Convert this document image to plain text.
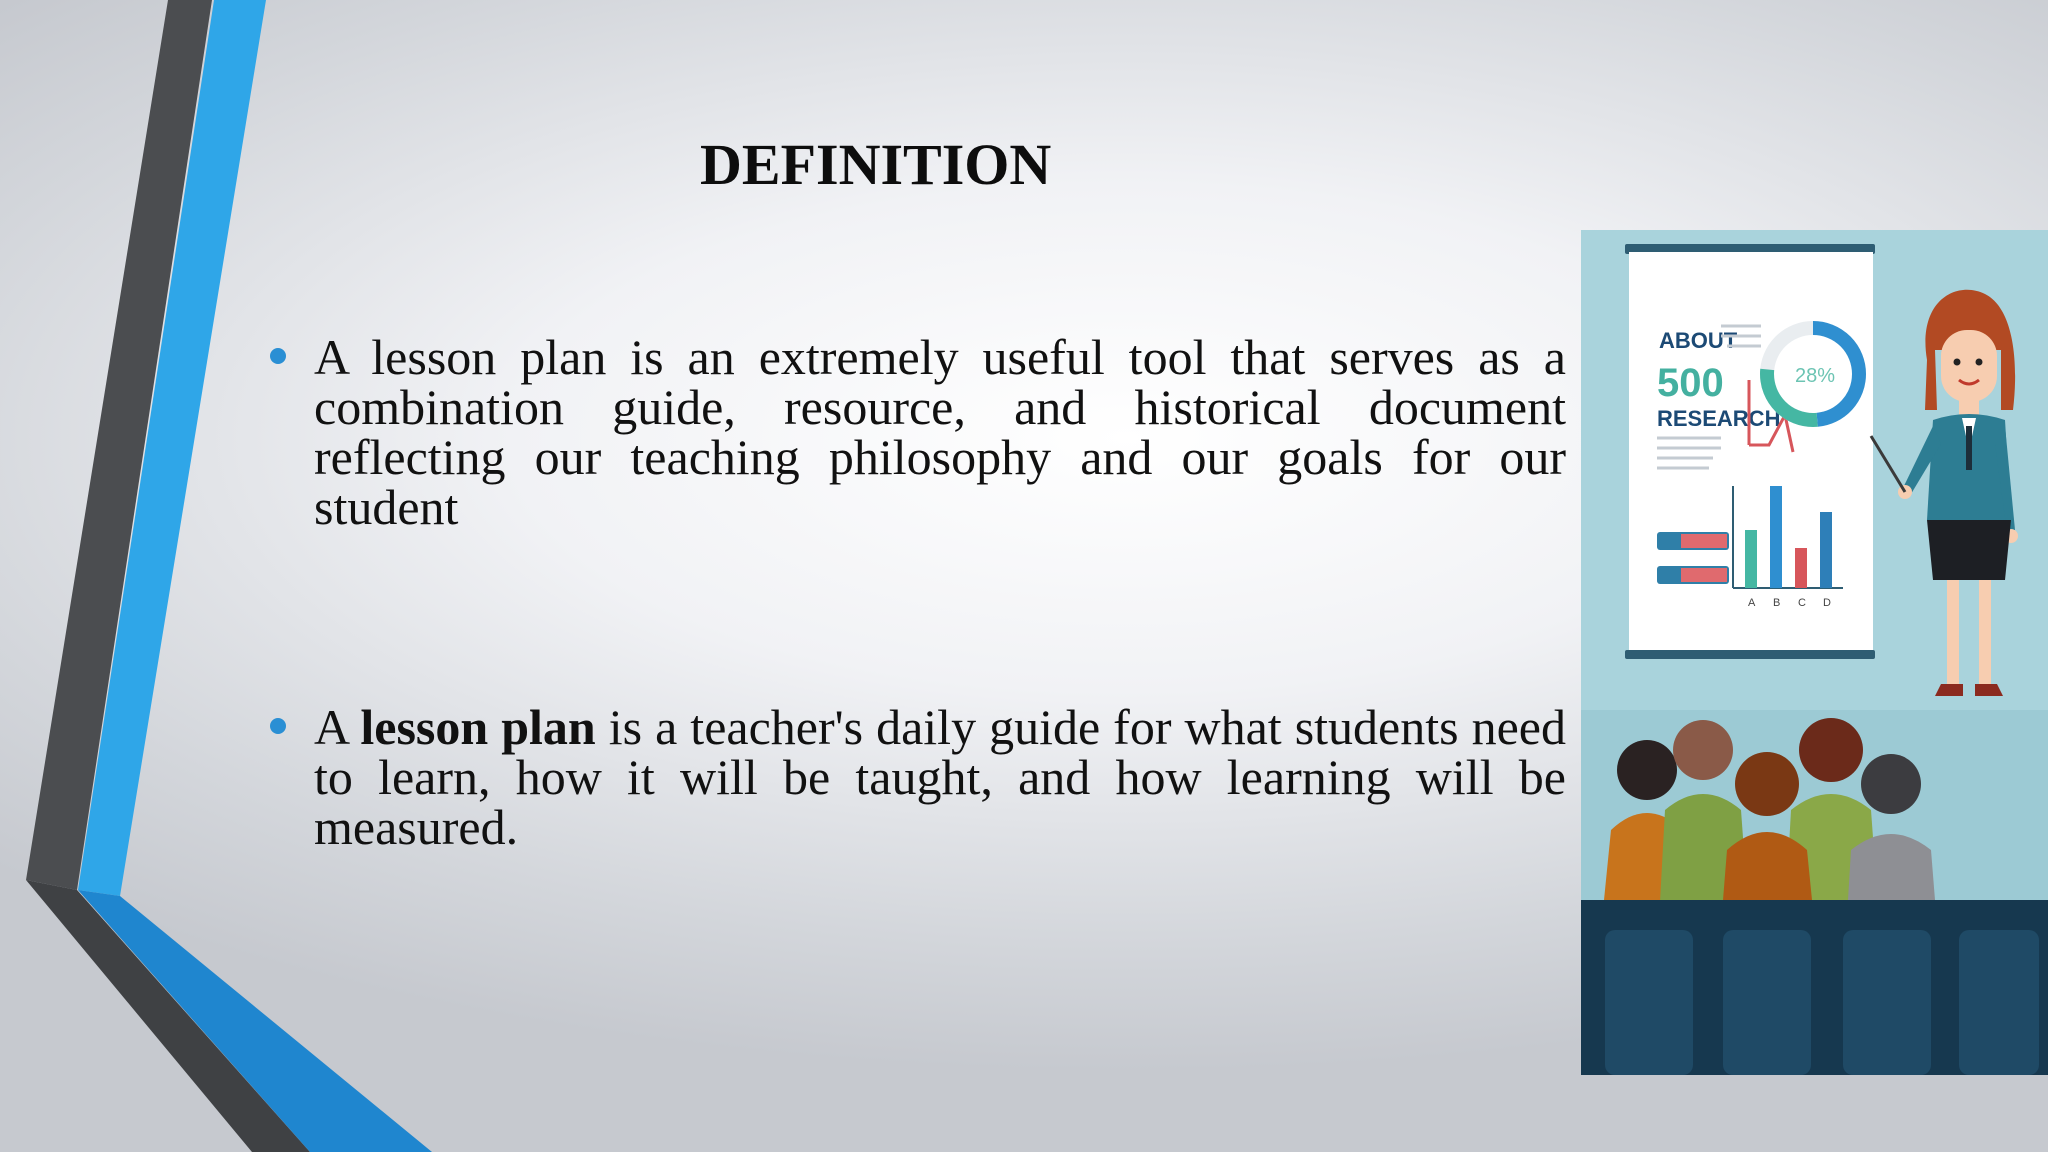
DEFINITION
A lesson plan is an extremely useful tool that serves as a combination guide, resource, and historical document reflecting our teaching philosophy and our goals for our student
A lesson plan is a teacher's daily guide for what students need to learn, how it will be taught, and how learning will be measured.
ABOUT
500
RESEARCH
28%
A B C D
